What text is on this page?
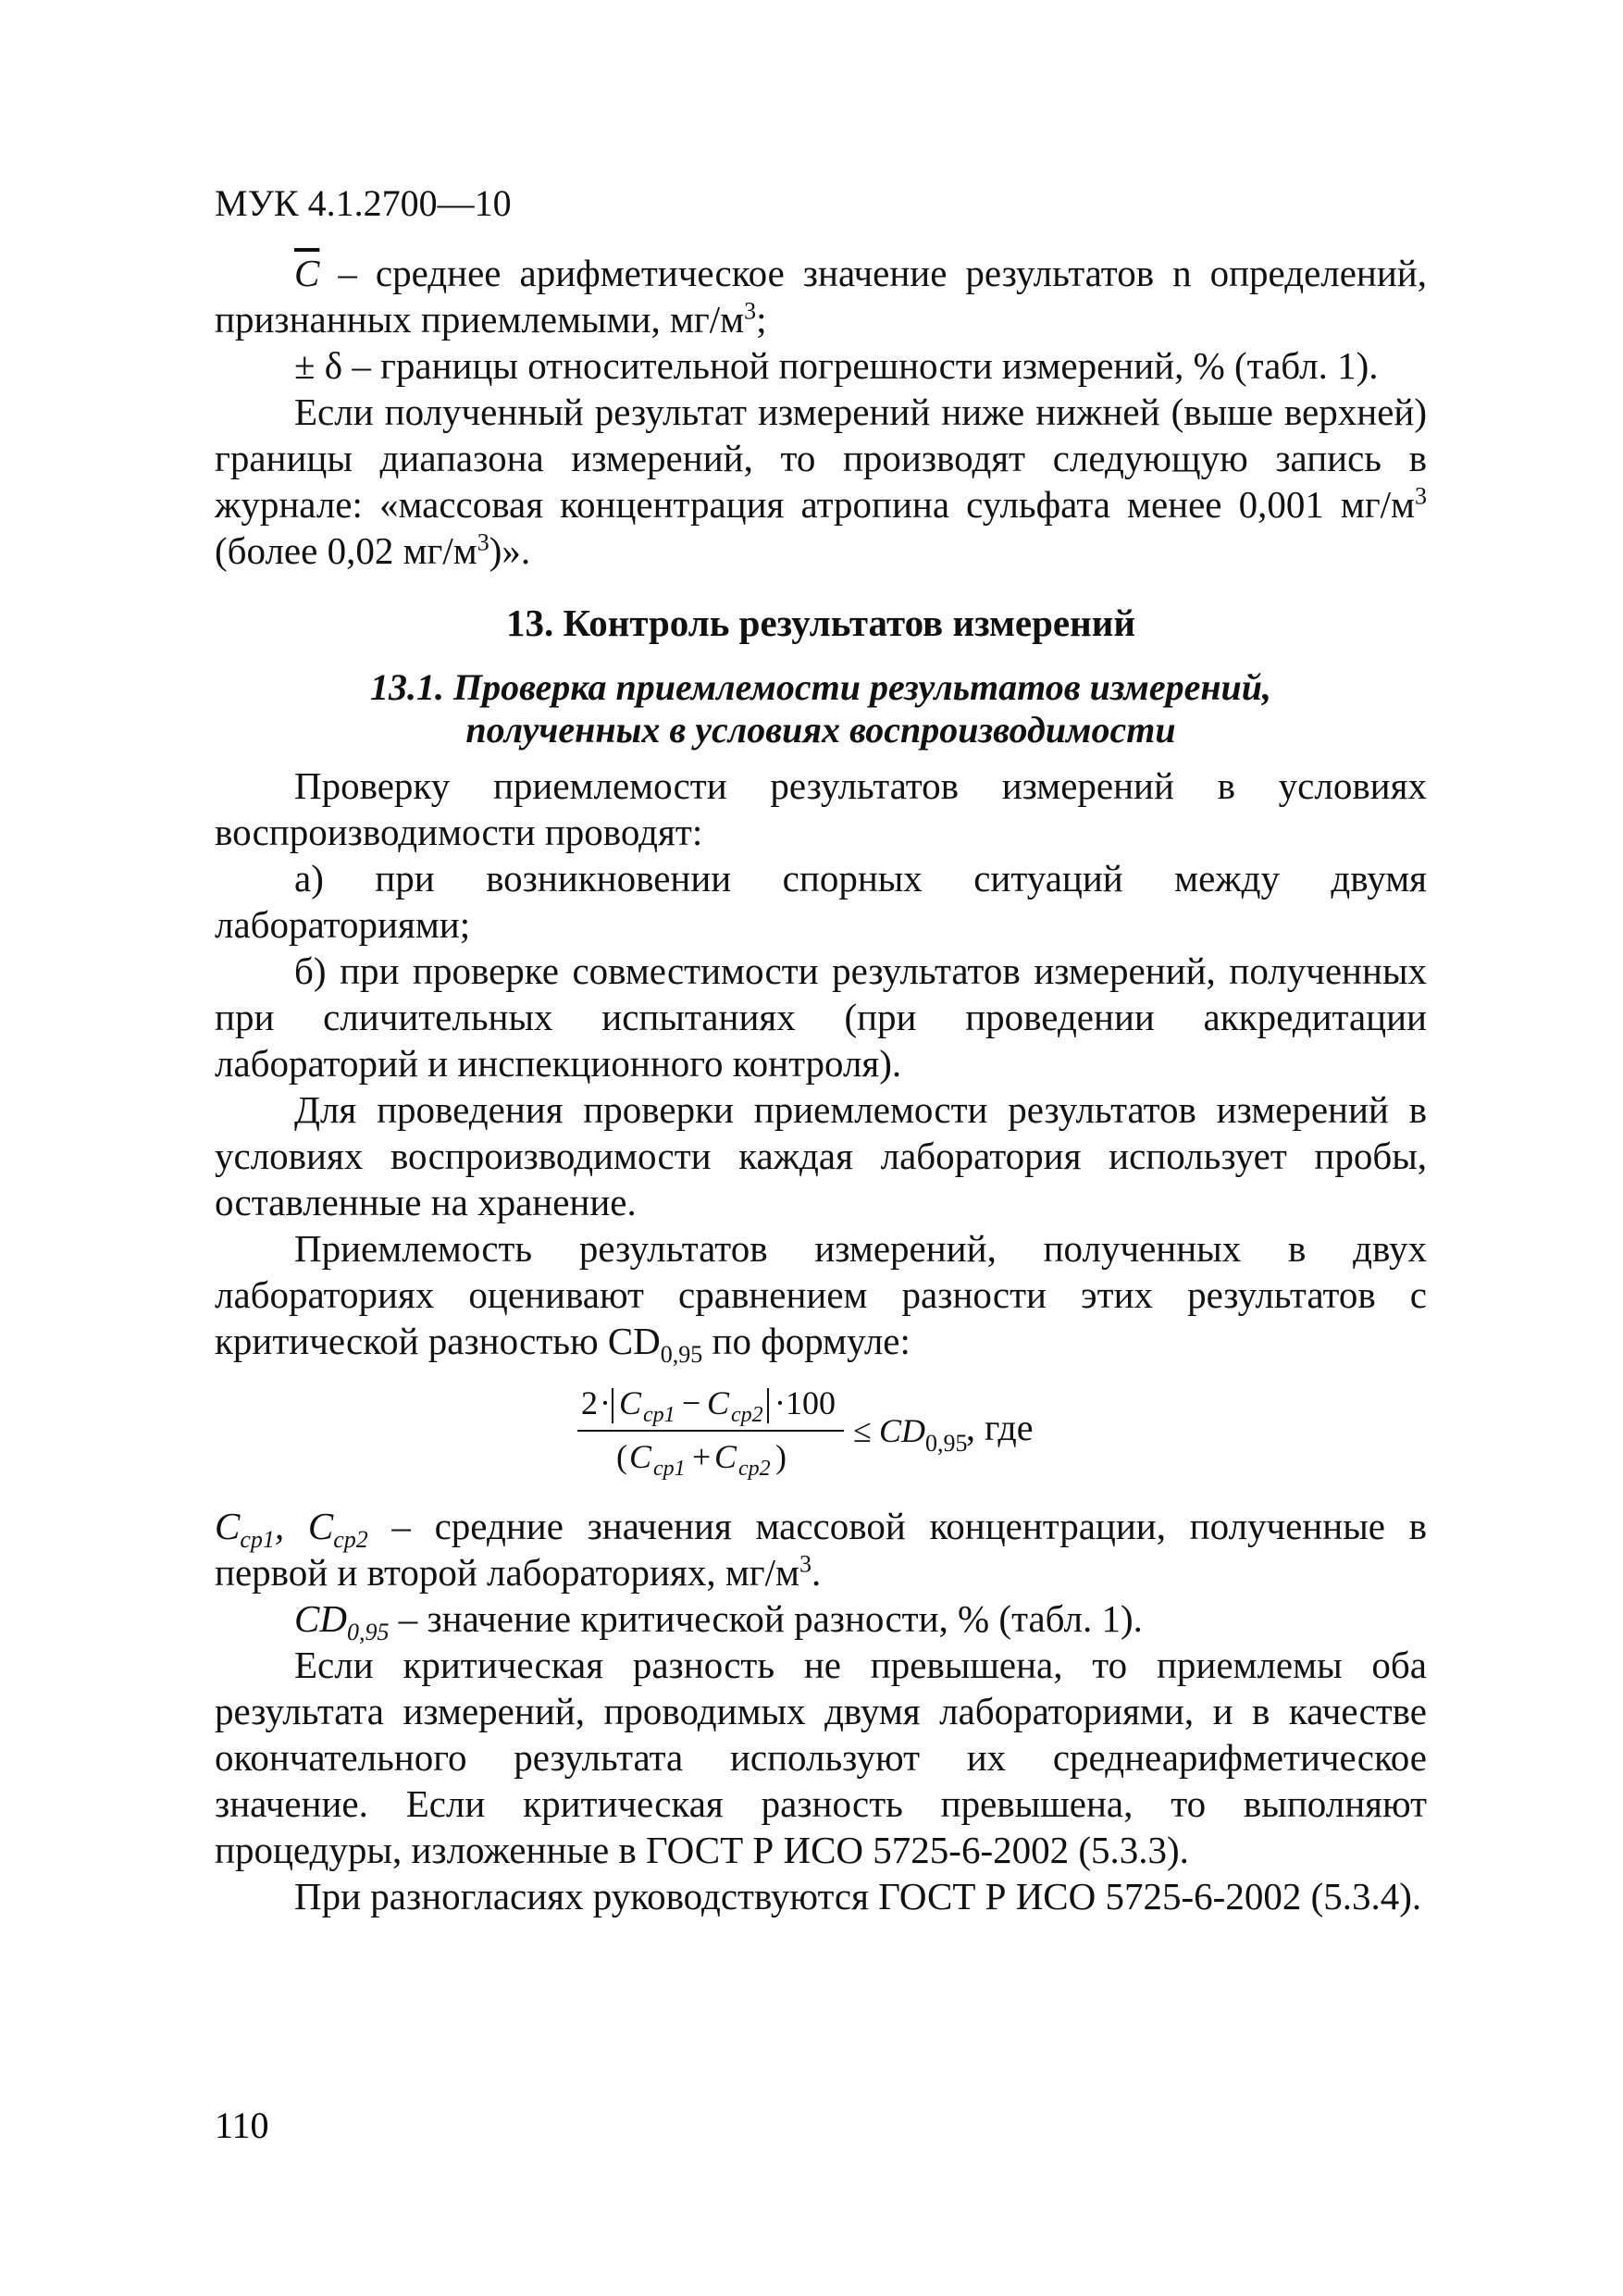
МУК 4.1.2700—10

$\overline{C}$ – среднее арифметическое значение результатов n определений, признанных приемлемыми, $мг/м^3$;

± δ – границы относительной погрешности измерений, % (табл. 1).

Если полученный результат измерений ниже нижней (выше верхней) границы диапазона измерений, то производят следующую запись в журнале: «массовая концентрация атропина сульфата менее 0,001 $мг/м^3$ (более 0,02 $мг/м^3$)».

13. Контроль результатов измерений
13.1. Проверка приемлемости результатов измерений,
полученных в условиях воспроизводимости

Проверку приемлемости результатов измерений в условиях воспроизводимости проводят:

а) при возникновении спорных ситуаций между двумя лабораториями;

б) при проверке совместимости результатов измерений, полученных при сличительных испытаниях (при проведении аккредитации лабораторий и инспекционного контроля).

Для проведения проверки приемлемости результатов измерений в условиях воспроизводимости каждая лаборатория использует пробы, оставленные на хранение.

Приемлемость результатов измерений, полученных в двух лабораториях оценивают сравнением разности этих результатов с критической разностью $CD_{0,95}$ по формуле:

2 · C ср1 − C ср2 · 100
( C ср1 + C ср2 )
≤ CD 0,95
, где

$C_{cp1}$, $C_{cp2}$ – средние значения массовой концентрации, полученные в первой и второй лабораториях, $мг/м^3$.

$CD_{0,95}$ – значение критической разности, % (табл. 1).

Если критическая разность не превышена, то приемлемы оба результата измерений, проводимых двумя лабораториями, и в качестве окончательного результата используют их среднеарифметическое значение. Если критическая разность превышена, то выполняют процедуры, изложенные в ГОСТ Р ИСО 5725-6-2002 (5.3.3).

При разногласиях руководствуются ГОСТ Р ИСО 5725-6-2002 (5.3.4).

110
